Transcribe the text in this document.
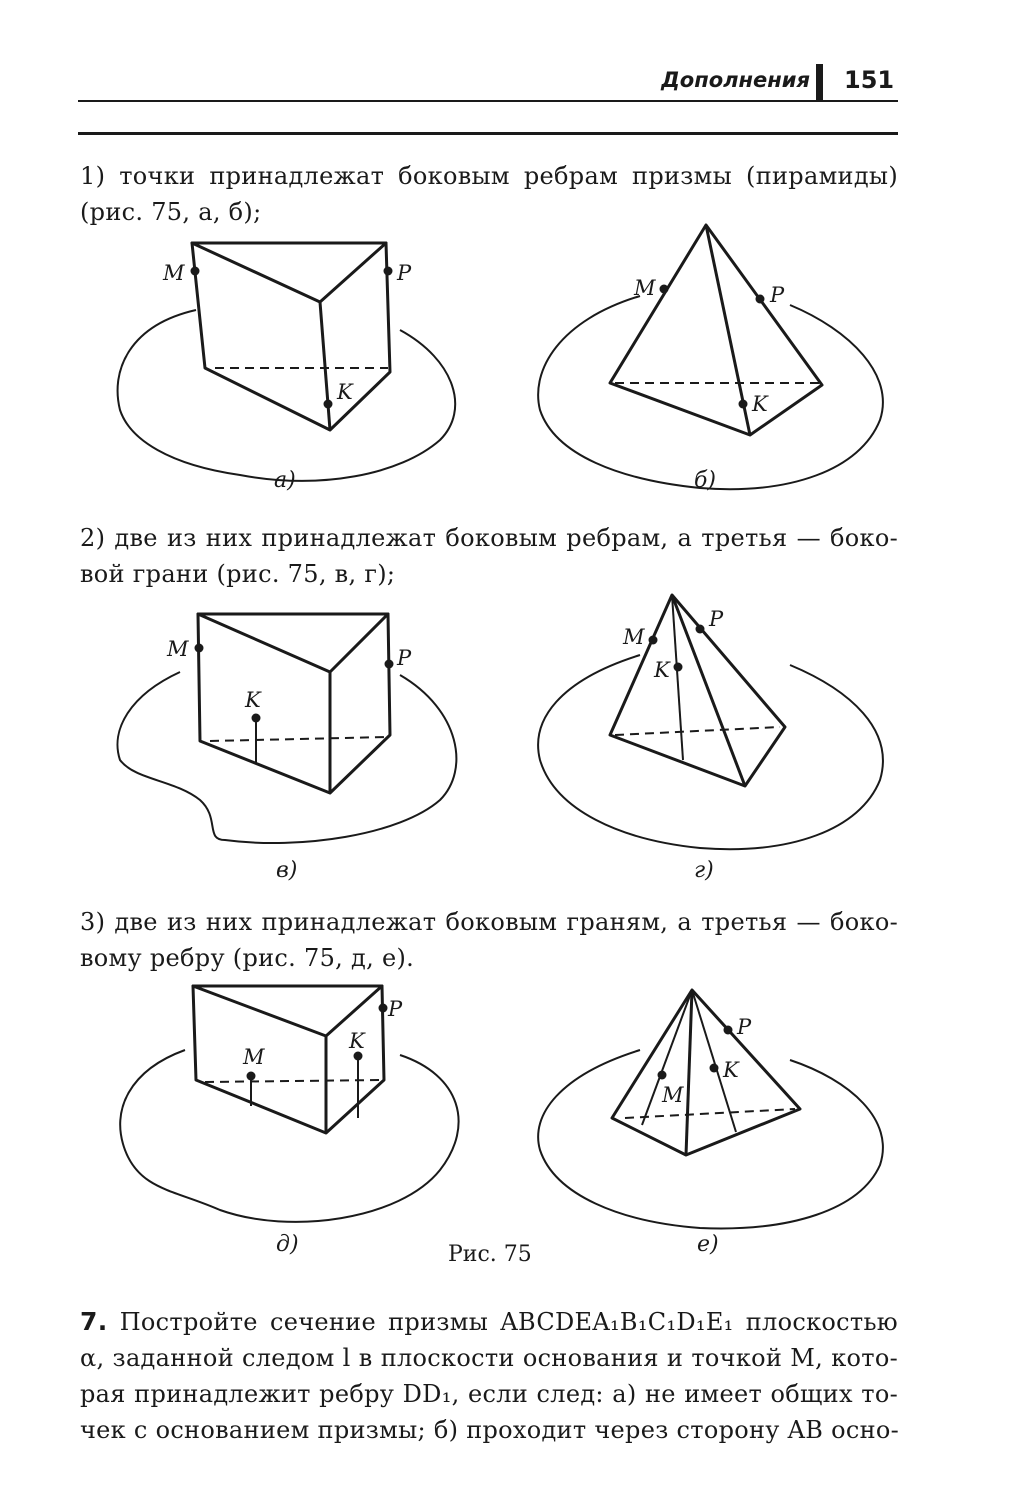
Дополнения 151
1) точки принадлежат боковым ребрам призмы (пирамиды)
(рис. 75, а, б);
2) две из них принадлежат боковым ребрам, а третья — боко-
вой грани (рис. 75, в, г);
3) две из них принадлежат боковым граням, а третья — боко-
вому ребру (рис. 75, д, е).
M	P
K
M	P
K
M	P
K
M
P
K
M
P
K
M
P
K
а)	б)
в)	г)
д)	е)
Рис. 75
7. Постройте сечение призмы ABCDEA₁B₁C₁D₁E₁ плоскостью
α, заданной следом l в плоскости основания и точкой M, кото-
рая принадлежит ребру DD₁, если след: а) не имеет общих то-
чек с основанием призмы; б) проходит через сторону AB осно-
